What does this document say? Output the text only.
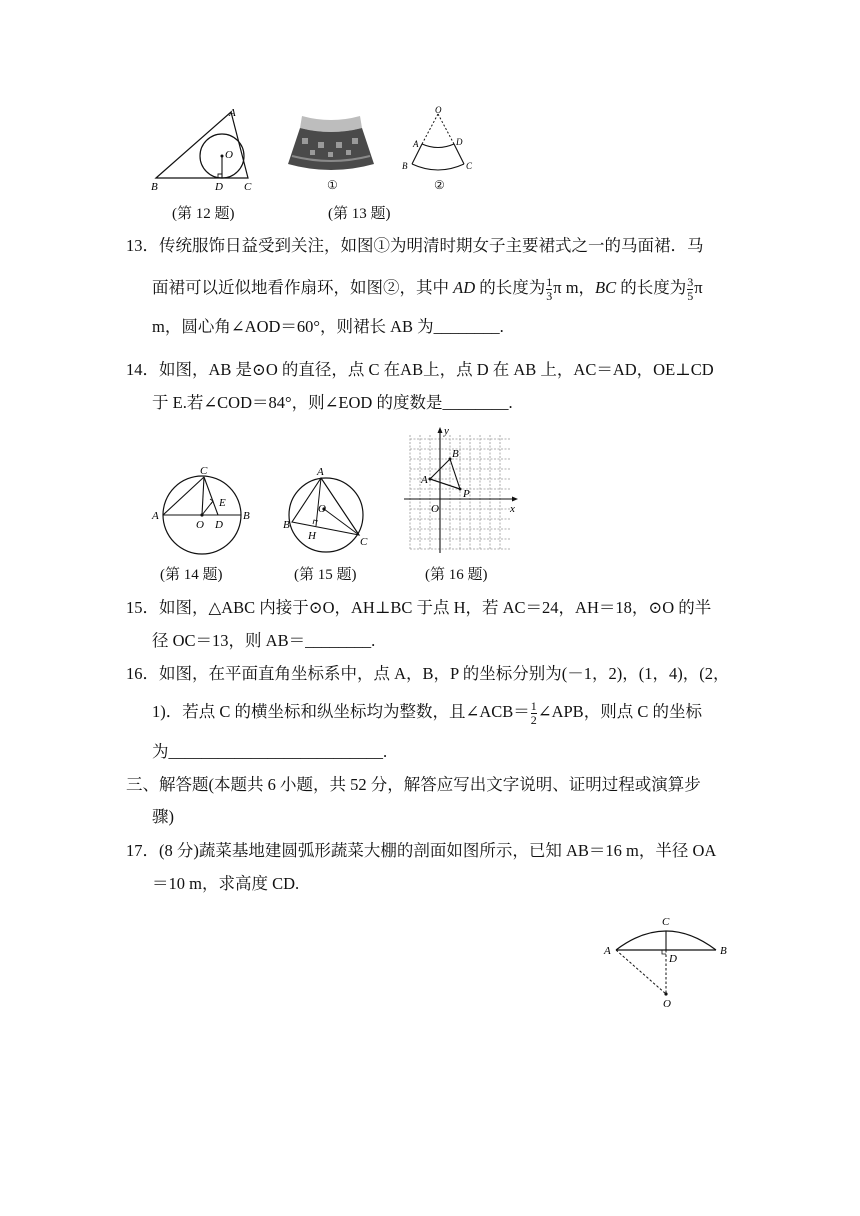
A
O
B	D C	①
O
A	D
B	C
②
(第 12 题)	(第 13 题)
13．传统服饰日益受到关注，如图①为明清时期女子主要裙式之一的马面裙．马
面裙可以近似地看作扇环，如图②，其中 AD 的长度为 $\frac{1}{3}$ π m，BC 的长度为 $\frac{3}{5}$ π
m，圆心角∠AOD＝60°，则裙长 AB 为________.
14．如图，AB 是⊙O 的直径，点 C 在AB上，点 D 在 AB 上，AC＝AD，OE⊥CD
于 E.若∠COD＝84°，则∠EOD 的度数是________.
C
A
E
O D
B
A
O
B
H	C
y
B
A
P
O	x
(第 14 题)	(第 15 题)	(第 16 题)
15．如图，△ABC 内接于⊙O，AH⊥BC 于点 H，若 AC＝24，AH＝18，⊙O 的半
径 OC＝13，则 AB＝________.
16．如图，在平面直角坐标系中，点 A，B，P 的坐标分别为(－1，2)，(1，4)，(2，
1)．若点 C 的横坐标和纵坐标均为整数，且∠ACB＝ $\frac{1}{2}$ ∠APB，则点 C 的坐标
为__________________________.
三、解答题(本题共 6 小题，共 52 分，解答应写出文字说明、证明过程或演算步
骤)
17．(8 分)蔬菜基地建圆弧形蔬菜大棚的剖面如图所示，已知 AB＝16 m，半径 OA
＝10 m，求高度 CD.
C
A	B
D
O
